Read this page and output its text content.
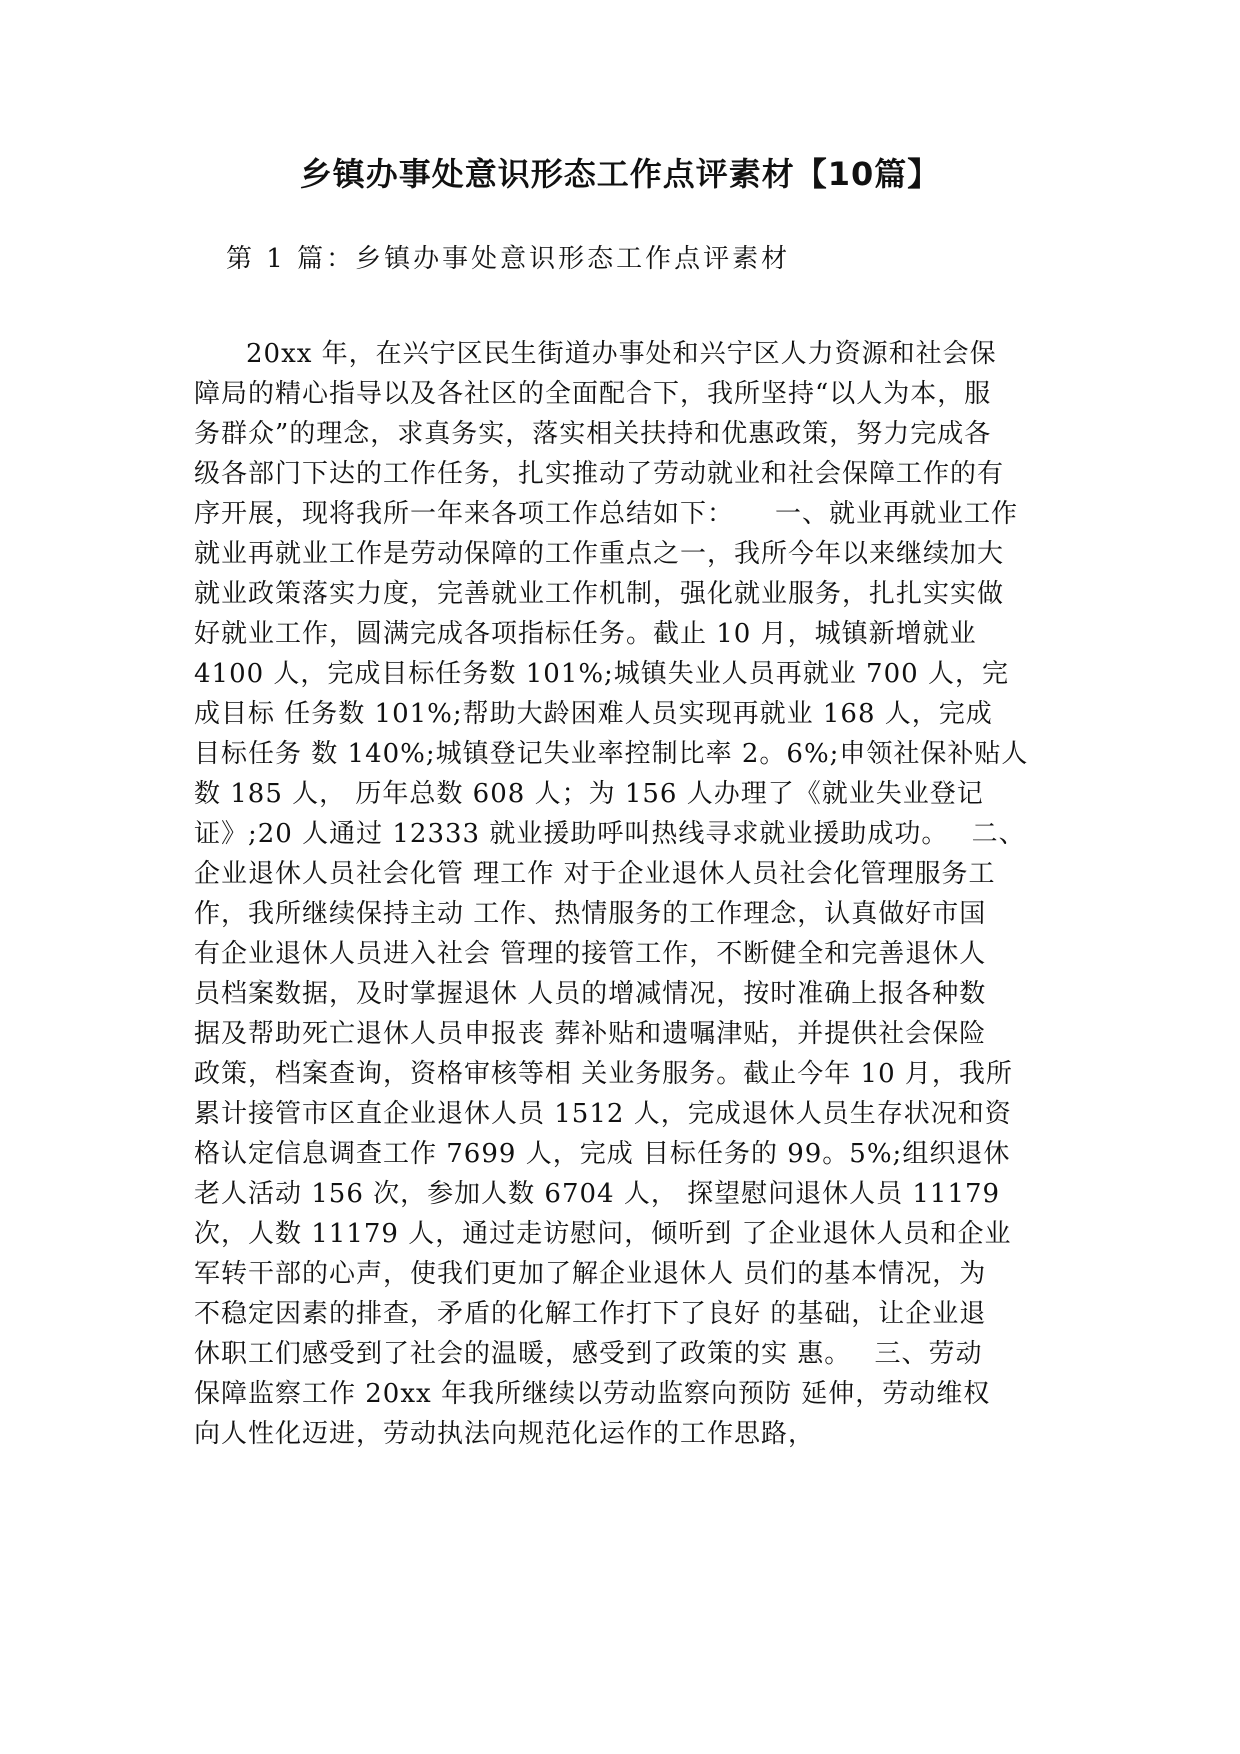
乡镇办事处意识形态工作点评素材【10篇】

第 1 篇：乡镇办事处意识形态工作点评素材

20xx 年，在兴宁区民生街道办事处和兴宁区人力资源和社会保
障局的精心指导以及各社区的全面配合下，我所坚持“以人为本，服
务群众”的理念，求真务实，落实相关扶持和优惠政策，努力完成各
级各部门下达的工作任务，扎实推动了劳动就业和社会保障工作的有
序开展，现将我所一年来各项工作总结如下：　　一、就业再就业工作
就业再就业工作是劳动保障的工作重点之一，我所今年以来继续加大
就业政策落实力度，完善就业工作机制，强化就业服务，扎扎实实做
好就业工作，圆满完成各项指标任务。截止 10 月，城镇新增就业
4100 人，完成目标任务数 101%;城镇失业人员再就业 700 人，完
成目标 任务数 101%;帮助大龄困难人员实现再就业 168 人，完成
目标任务 数 140%;城镇登记失业率控制比率 2。6%;申领社保补贴人
数 185 人， 历年总数 608 人；为 156 人办理了《就业失业登记
证》;20 人通过 12333 就业援助呼叫热线寻求就业援助成功。　 二、
企业退休人员社会化管 理工作 对于企业退休人员社会化管理服务工
作，我所继续保持主动 工作、热情服务的工作理念，认真做好市国
有企业退休人员进入社会 管理的接管工作，不断健全和完善退休人
员档案数据，及时掌握退休 人员的增减情况，按时准确上报各种数
据及帮助死亡退休人员申报丧 葬补贴和遗嘱津贴，并提供社会保险
政策，档案查询，资格审核等相 关业务服务。截止今年 10 月，我所
累计接管市区直企业退休人员 1512 人，完成退休人员生存状况和资
格认定信息调查工作 7699 人，完成 目标任务的 99。5%;组织退休
老人活动 156 次，参加人数 6704 人， 探望慰问退休人员 11179
次，人数 11179 人，通过走访慰问，倾听到 了企业退休人员和企业
军转干部的心声，使我们更加了解企业退休人 员们的基本情况，为
不稳定因素的排查，矛盾的化解工作打下了良好 的基础，让企业退
休职工们感受到了社会的温暖，感受到了政策的实 惠。　 三、劳动
保障监察工作 20xx 年我所继续以劳动监察向预防 延伸，劳动维权
向人性化迈进，劳动执法向规范化运作的工作思路，
